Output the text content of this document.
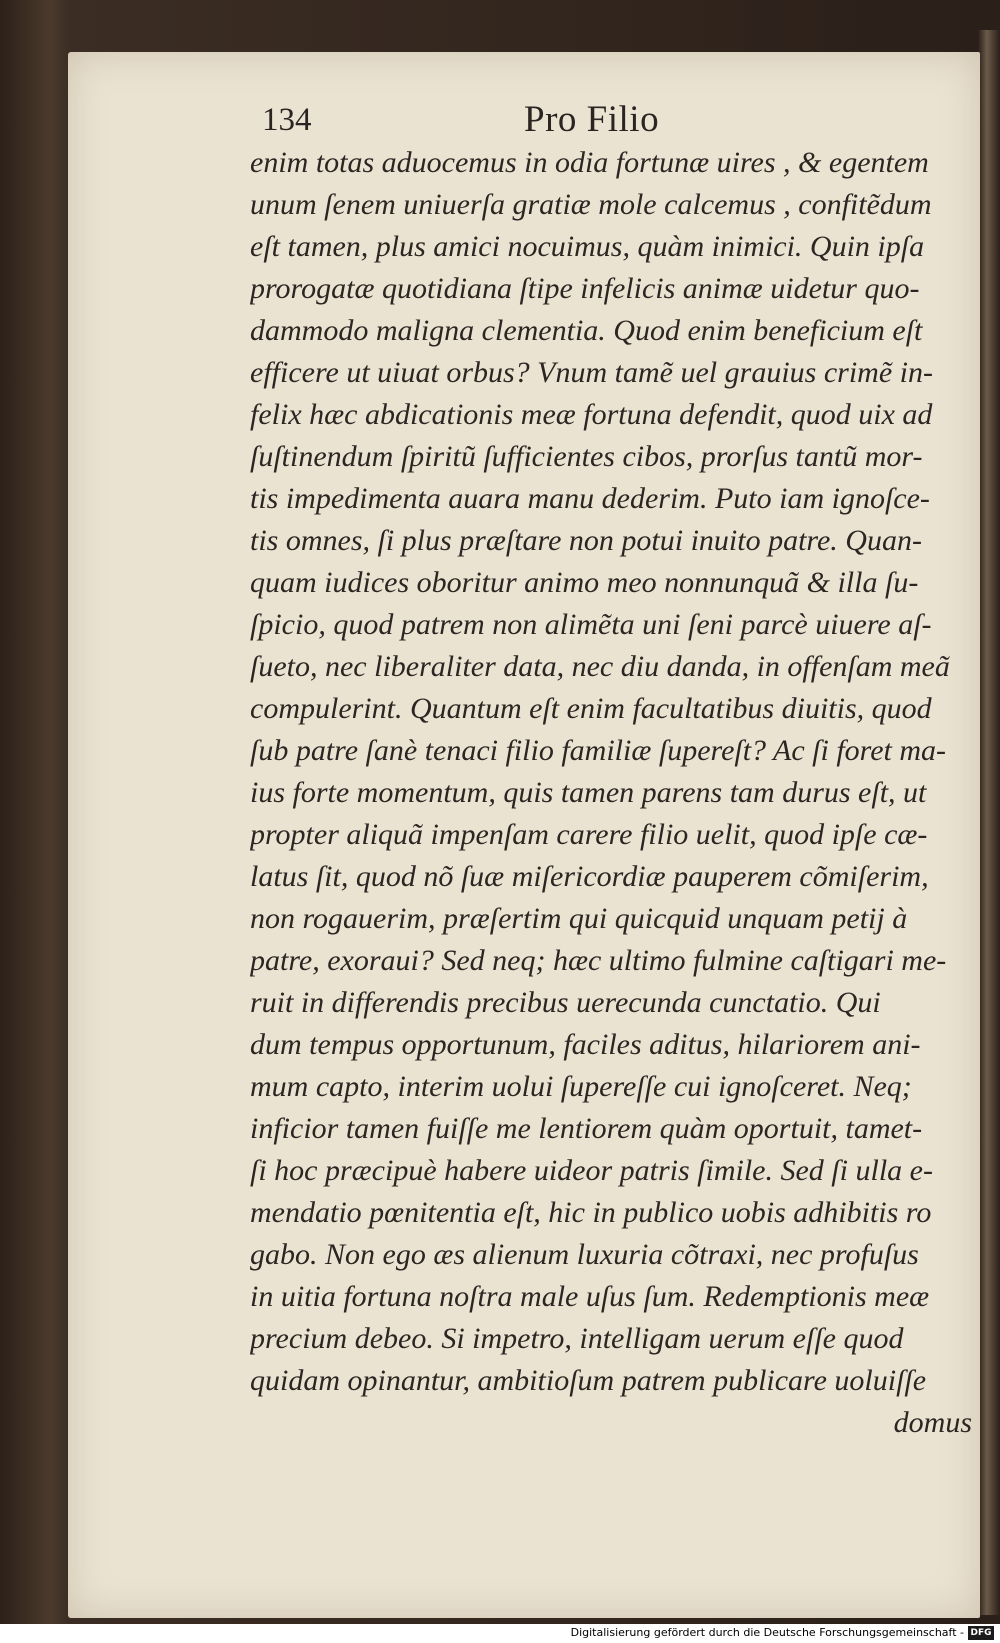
134	Pro Filio
enim totas aduocemus in odia fortunæ uires , & egentem
unum ſenem uniuerſa gratiæ mole calcemus , confitẽdum
eſt tamen, plus amici nocuimus, quàm inimici. Quin ipſa
prorogatæ quotidiana ſtipe infelicis animæ uidetur quo-
dammodo maligna clementia. Quod enim beneficium eſt
efficere ut uiuat orbus? Vnum tamẽ uel grauius crimẽ in-
felix hæc abdicationis meæ fortuna defendit, quod uix ad
ſuſtinendum ſpiritũ ſufficientes cibos, prorſus tantũ mor-
tis impedimenta auara manu dederim. Puto iam ignoſce-
tis omnes, ſi plus præſtare non potui inuito patre. Quan-
quam iudices oboritur animo meo nonnunquã & illa ſu-
ſpicio, quod patrem non alimẽta uni ſeni parcè uiuere aſ-
ſueto, nec liberaliter data, nec diu danda, in offenſam meã
compulerint. Quantum eſt enim facultatibus diuitis, quod
ſub patre ſanè tenaci filio familiæ ſupereſt? Ac ſi foret ma-
ius forte momentum, quis tamen parens tam durus eſt, ut
propter aliquã impenſam carere filio uelit, quod ipſe cæ-
latus ſit, quod nõ ſuæ miſericordiæ pauperem cõmiſerim,
non rogauerim, præſertim qui quicquid unquam petij à
patre, exoraui? Sed neq; hæc ultimo fulmine caſtigari me-
ruit in differendis precibus uerecunda cunctatio. Qui
dum tempus opportunum, faciles aditus, hilariorem ani-
mum capto, interim uolui ſupereſſe cui ignoſceret. Neq;
inficior tamen fuiſſe me lentiorem quàm oportuit, tamet-
ſi hoc præcipuè habere uideor patris ſimile. Sed ſi ulla e-
mendatio pœnitentia eſt, hic in publico uobis adhibitis ro
gabo. Non ego æs alienum luxuria cõtraxi, nec profuſus
in uitia fortuna noſtra male uſus ſum. Redemptionis meæ
precium debeo. Si impetro, intelligam uerum eſſe quod
quidam opinantur, ambitioſum patrem publicare uoluiſſe
domus
Digitalisierung gefördert durch die Deutsche Forschungsgemeinschaft - DFG
